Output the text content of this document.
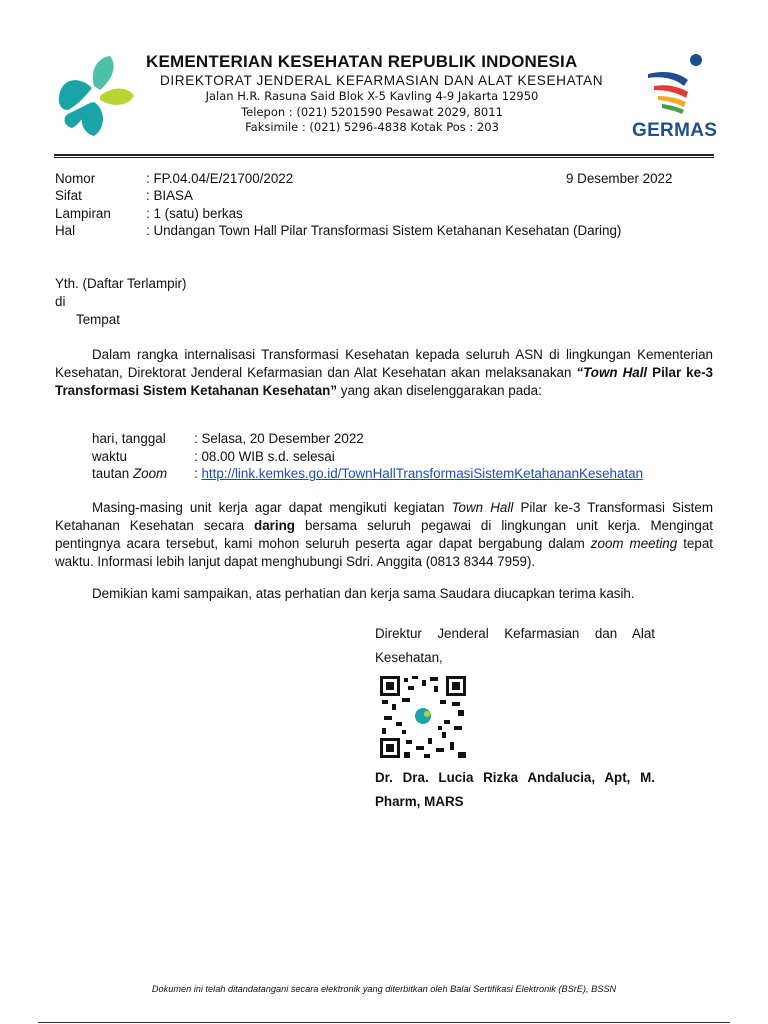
KEMENTERIAN KESEHATAN REPUBLIK INDONESIA
DIREKTORAT JENDERAL KEFARMASIAN DAN ALAT KESEHATAN
Jalan H.R. Rasuna Said Blok X-5 Kavling 4-9 Jakarta 12950
Telepon : (021) 5201590 Pesawat 2029, 8011
Faksimile : (021) 5296-4838 Kotak Pos : 203	GERMAS
Nomor	: FP.04.04/E/21700/2022	9 Desember 2022
Sifat	: BIASA
Lampiran	: 1 (satu) berkas
Hal	: Undangan Town Hall Pilar Transformasi Sistem Ketahanan Kesehatan (Daring)
Yth. (Daftar Terlampir)
di
Tempat
Dalam rangka internalisasi Transformasi Kesehatan kepada seluruh ASN di lingkungan Kementerian Kesehatan, Direktorat Jenderal Kefarmasian dan Alat Kesehatan akan melaksanakan “Town Hall Pilar ke-3 Transformasi Sistem Ketahanan Kesehatan” yang akan diselenggarakan pada:
hari, tanggal : Selasa, 20 Desember 2022
waktu	: 08.00 WIB s.d. selesai
tautan Zoom : http://link.kemkes.go.id/TownHallTransformasiSistemKetahananKesehatan
Masing-masing unit kerja agar dapat mengikuti kegiatan Town Hall Pilar ke-3 Transformasi Sistem Ketahanan Kesehatan secara daring bersama seluruh pegawai di lingkungan unit kerja. Mengingat pentingnya acara tersebut, kami mohon seluruh peserta agar dapat bergabung dalam zoom meeting tepat waktu. Informasi lebih lanjut dapat menghubungi Sdri. Anggita (0813 8344 7959).
Demikian kami sampaikan, atas perhatian dan kerja sama Saudara diucapkan terima kasih.
Direktur Jenderal Kefarmasian dan Alat Kesehatan,
Dr. Dra. Lucia Rizka Andalucia, Apt, M. Pharm, MARS
Dokumen ini telah ditandatangani secara elektronik yang diterbitkan oleh Balai Sertifikasi Elektronik (BSrE), BSSN
